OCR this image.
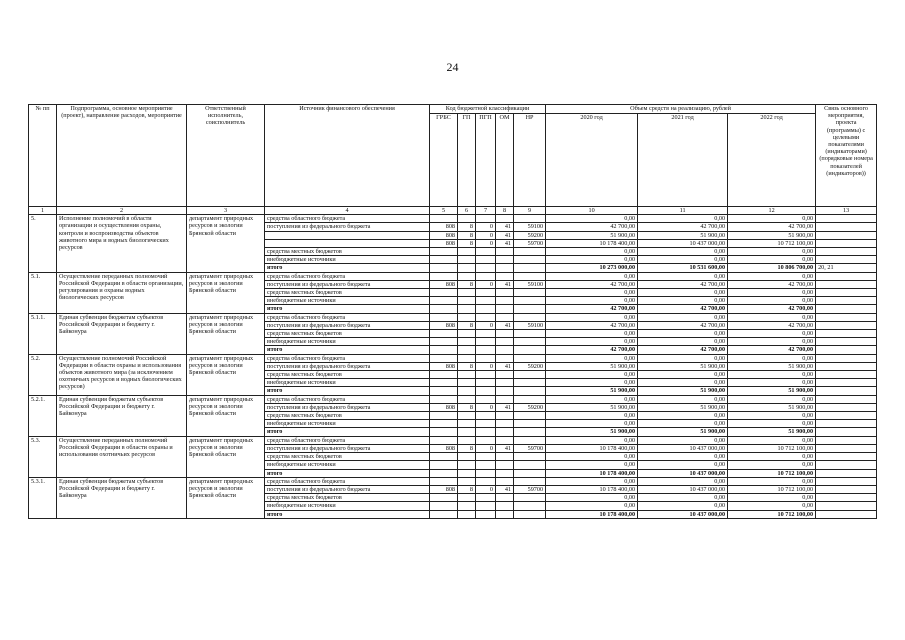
24
№ пп	Подпрограмма, основное мероприятие (проект), направление расходов, мероприятие	Ответственный исполнитель, соисполнитель	Источник финансового обеспечения	Код бюджетной классификации					Объем средств на реализацию, рублей			Связь основного мероприятия, проекта (программы) с целевыми показателями (индикаторами) (порядковые номера показателей (индикаторов))
				ГРБС	ГП	ПГП	ОМ	НР	2020 год	2021 год	2022 год	
1	2	3	4	5	6	7	8	9	10	11	12	13
5.	Исполнение полномочий в области организации и осуществления охраны, контроля и воспроизводства объектов животного мира и водных биологических ресурсов	департамент природных ресурсов и экологии Брянской области	средства областного бюджета						0,00	0,00	0,00	
			поступления из федерального бюджета	808	8	0	41	59100	42 700,00	42 700,00	42 700,00	
				808	8	0	41	59200	51 900,00	51 900,00	51 900,00	
				808	8	0	41	59700	10 178 400,00	10 437 000,00	10 712 100,00	
			средства местных бюджетов						0,00	0,00	0,00	
			внебюджетные источники						0,00	0,00	0,00	
			итого						10 273 000,00	10 531 600,00	10 806 700,00	20, 21
5.1.	Осуществление переданных полномочий Российской Федерации в области организации, регулирования и охраны водных биологических ресурсов	департамент природных ресурсов и экологии Брянской области	средства областного бюджета						0,00	0,00	0,00	
			поступления из федерального бюджета	808	8	0	41	59100	42 700,00	42 700,00	42 700,00	
			средства местных бюджетов						0,00	0,00	0,00	
			внебюджетные источники						0,00	0,00	0,00	
			итого						42 700,00	42 700,00	42 700,00	
5.1.1.	Единая субвенция бюджетам субъектов Российской Федерации и бюджету г. Байконура	департамент природных ресурсов и экологии Брянской области	средства областного бюджета						0,00	0,00	0,00	
			поступления из федерального бюджета	808	8	0	41	59100	42 700,00	42 700,00	42 700,00	
			средства местных бюджетов						0,00	0,00	0,00	
			внебюджетные источники						0,00	0,00	0,00	
			итого						42 700,00	42 700,00	42 700,00	
5.2.	Осуществление полномочий Российской Федерации в области охраны и использования объектов животного мира (за исключением охотничьих ресурсов и водных биологических ресурсов)	департамент природных ресурсов и экологии Брянской области	средства областного бюджета						0,00	0,00	0,00	
			поступления из федерального бюджета	808	8	0	41	59200	51 900,00	51 900,00	51 900,00	
			средства местных бюджетов						0,00	0,00	0,00	
			внебюджетные источники						0,00	0,00	0,00	
			итого						51 900,00	51 900,00	51 900,00	
5.2.1.	Единая субвенция бюджетам субъектов Российской Федерации и бюджету г. Байконура	департамент природных ресурсов и экологии Брянской области	средства областного бюджета						0,00	0,00	0,00	
			поступления из федерального бюджета	808	8	0	41	59200	51 900,00	51 900,00	51 900,00	
			средства местных бюджетов						0,00	0,00	0,00	
			внебюджетные источники						0,00	0,00	0,00	
			итого						51 900,00	51 900,00	51 900,00	
5.3.	Осуществление переданных полномочий Российской Федерации в области охраны и использования охотничьих ресурсов	департамент природных ресурсов и экологии Брянской области	средства областного бюджета						0,00	0,00	0,00	
			поступления из федерального бюджета	808	8	0	41	59700	10 178 400,00	10 437 000,00	10 712 100,00	
			средства местных бюджетов						0,00	0,00	0,00	
			внебюджетные источники						0,00	0,00	0,00	
			итого						10 178 400,00	10 437 000,00	10 712 100,00	
5.3.1.	Единая субвенция бюджетам субъектов Российской Федерации и бюджету г. Байконура	департамент природных ресурсов и экологии Брянской области	средства областного бюджета						0,00	0,00	0,00	
			поступления из федерального бюджета	808	8	0	41	59700	10 178 400,00	10 437 000,00	10 712 100,00	
			средства местных бюджетов						0,00	0,00	0,00	
			внебюджетные источники						0,00	0,00	0,00	
			итого						10 178 400,00	10 437 000,00	10 712 100,00	
